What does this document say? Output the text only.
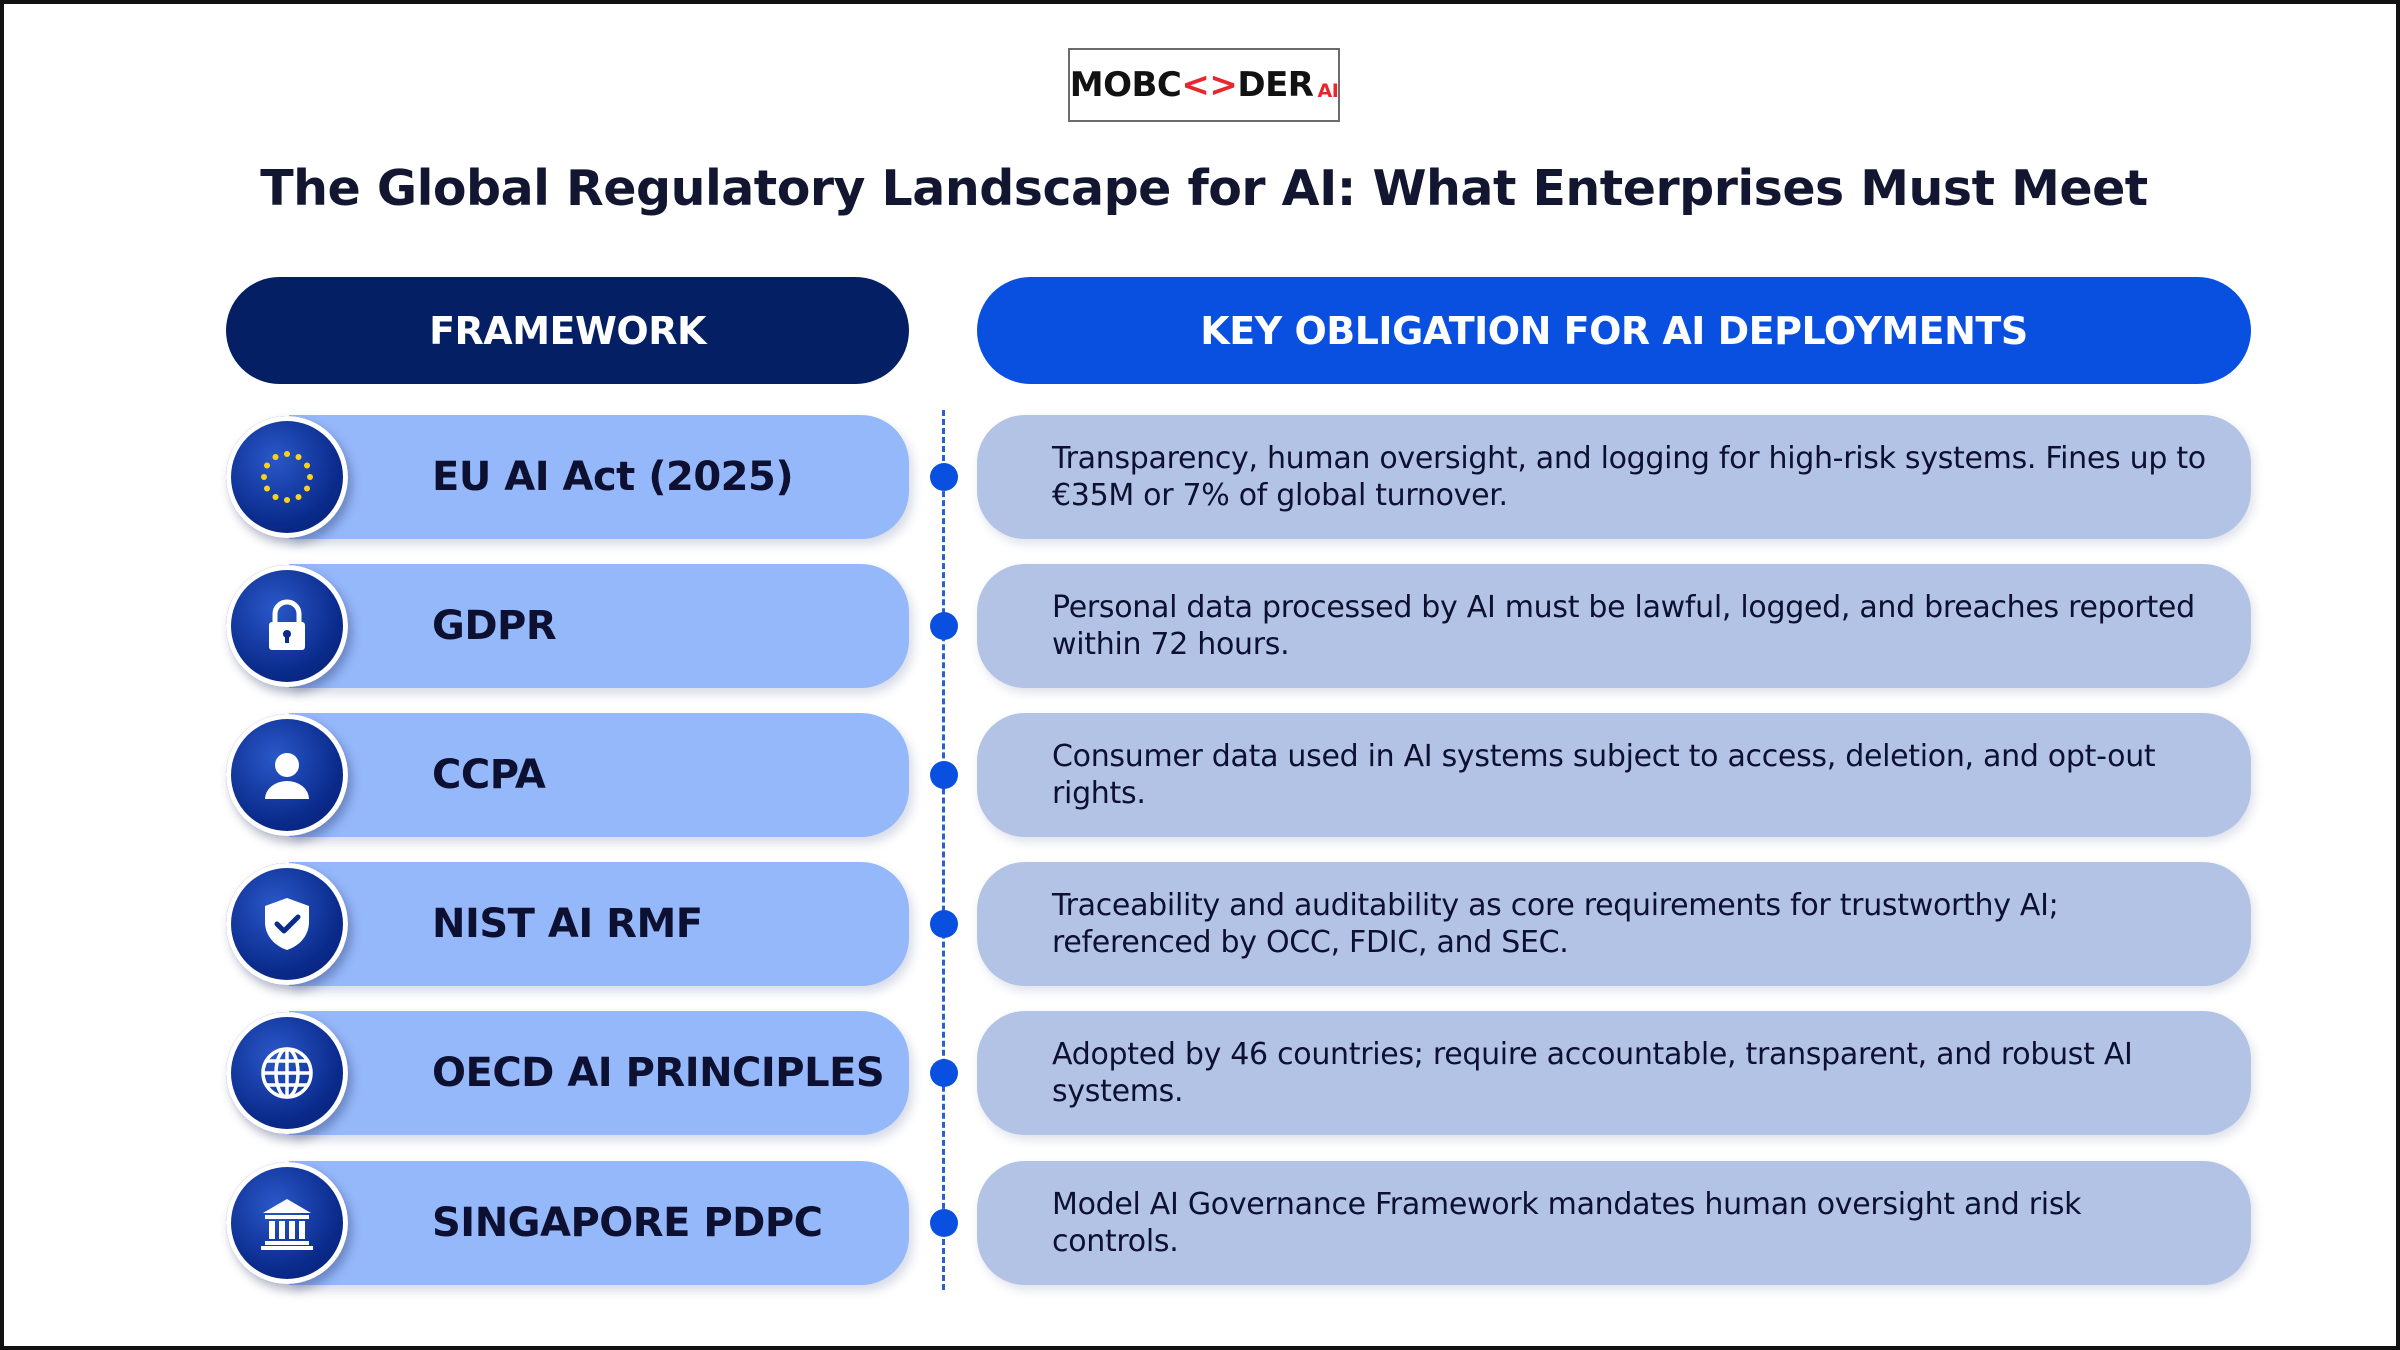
MOBC <> DER AI
The Global Regulatory Landscape for AI: What Enterprises Must Meet
FRAMEWORK	KEY OBLIGATION FOR AI DEPLOYMENTS
EU AI Act (2025)	Transparency, human oversight, and logging for high-risk systems. Fines up to €35M or 7% of global turnover.
GDPR	Personal data processed by AI must be lawful, logged, and breaches reported within 72 hours.
CCPA	Consumer data used in AI systems subject to access, deletion, and opt-out rights.
NIST AI RMF	Traceability and auditability as core requirements for trustworthy AI; referenced by OCC, FDIC, and SEC.
OECD AI PRINCIPLES	Adopted by 46 countries; require accountable, transparent, and robust AI systems.
SINGAPORE PDPC	Model AI Governance Framework mandates human oversight and risk controls.
